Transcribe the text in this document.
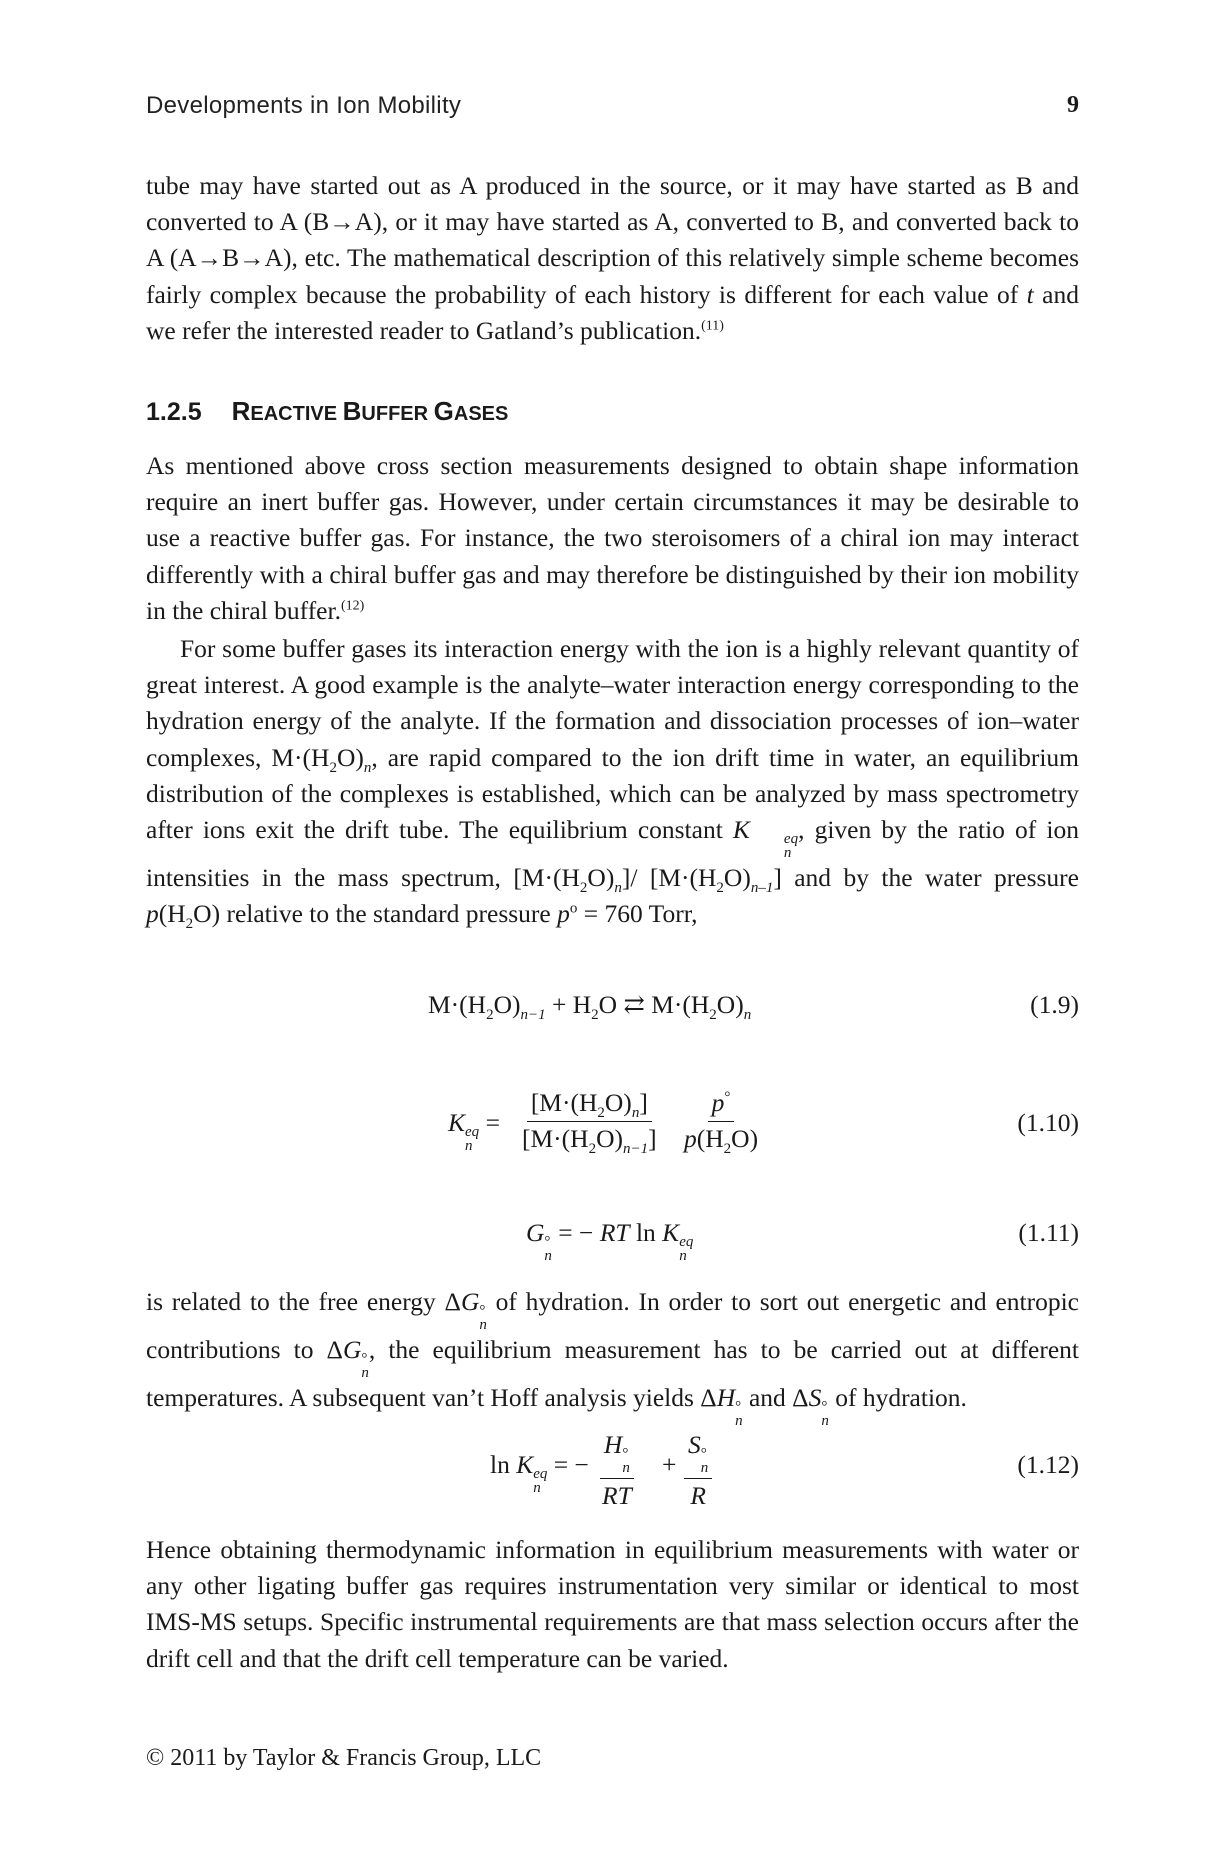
Developments in Ion Mobility	9

tube may have started out as A produced in the source, or it may have started as B and converted to A (B→A), or it may have started as A, converted to B, and converted back to A (A→B→A), etc. The mathematical description of this relatively simple scheme becomes fairly complex because the probability of each history is different for each value of t and we refer the interested reader to Gatland’s publication.$^{(11)}$

1.2.5 REACTIVE BUFFER GASES

As mentioned above cross section measurements designed to obtain shape information require an inert buffer gas. However, under certain circumstances it may be desirable to use a reactive buffer gas. For instance, the two steroisomers of a chiral ion may interact differently with a chiral buffer gas and may therefore be distinguished by their ion mobility in the chiral buffer.$^{(12)}$

For some buffer gases its interaction energy with the ion is a highly relevant quantity of great interest. A good example is the analyte–water interaction energy corresponding to the hydration energy of the analyte. If the formation and dissociation processes of ion–water complexes, $M\cdot(H_2O)_n$, are rapid compared to the ion drift time in water, an equilibrium distribution of the complexes is established, which can be analyzed by mass spectrometry after ions exit the drift tube. The equilibrium constant K	eq
n
, given by the ratio of ion intensities in the mass spectrum, $[M\cdot(H_2O)_n]/$ $[M\cdot(H_2O)_{n-1}]$ and by the water pressure $p(H_2O)$ relative to the standard pressure $p^o = 760$ Torr,

$M\cdot(H_2O)_{n-1} + H_2O$ ⇄ $M\cdot(H_2O)_n$	(1.9)
K eq
n
= $\frac{[M\cdot(H_2O)_n]}{[M\cdot(H_2O)_{n-1}]} \frac{p^\circ}{p(H_2O)}$	(1.10)
G °
n
= − RT ln K eq
n
(1.11)

is related to the free energy ΔG °
n
of hydration. In order to sort out energetic and entropic contributions to ΔG °
n
, the equilibrium measurement has to be carried out at different temperatures. A subsequent van’t Hoff analysis yields ΔH °
n
and ΔS °
n
of hydration.

ln K eq
n
= − H °
n
RT + S °
n
R	(1.12)

Hence obtaining thermodynamic information in equilibrium measurements with water or any other ligating buffer gas requires instrumentation very similar or identical to most IMS-MS setups. Specific instrumental requirements are that mass selection occurs after the drift cell and that the drift cell temperature can be varied.

© 2011 by Taylor & Francis Group, LLC
